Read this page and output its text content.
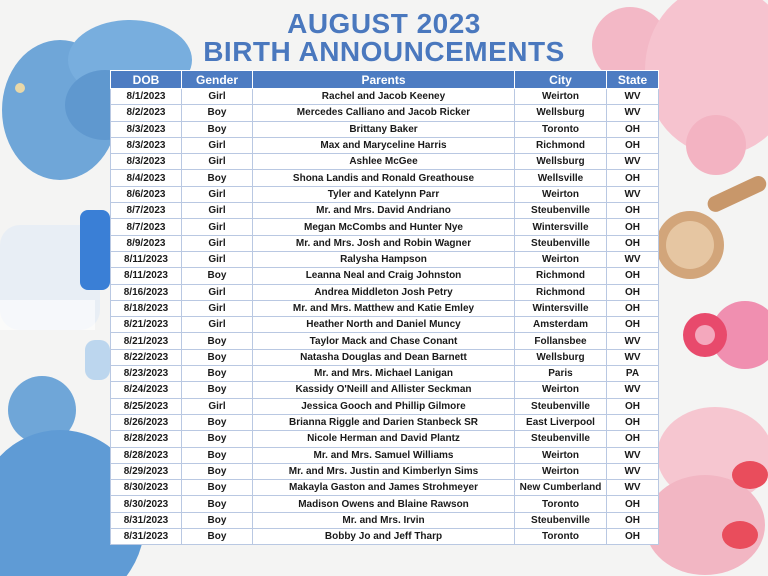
AUGUST 2023
BIRTH ANNOUNCEMENTS
DOB	Gender	Parents	City	State
8/1/2023	Girl	Rachel and Jacob Keeney	Weirton	WV
8/2/2023	Boy	Mercedes Calliano and Jacob Ricker	Wellsburg	WV
8/3/2023	Boy	Brittany Baker	Toronto	OH
8/3/2023	Girl	Max and Maryceline Harris	Richmond	OH
8/3/2023	Girl	Ashlee McGee	Wellsburg	WV
8/4/2023	Boy	Shona Landis and Ronald Greathouse	Wellsville	OH
8/6/2023	Girl	Tyler and Katelynn Parr	Weirton	WV
8/7/2023	Girl	Mr. and Mrs. David Andriano	Steubenville	OH
8/7/2023	Girl	Megan McCombs and Hunter Nye	Wintersville	OH
8/9/2023	Girl	Mr. and Mrs. Josh and Robin Wagner	Steubenville	OH
8/11/2023	Girl	Ralysha Hampson	Weirton	WV
8/11/2023	Boy	Leanna Neal and Craig Johnston	Richmond	OH
8/16/2023	Girl	Andrea Middleton Josh Petry	Richmond	OH
8/18/2023	Girl	Mr. and Mrs. Matthew and Katie Emley	Wintersville	OH
8/21/2023	Girl	Heather North and Daniel Muncy	Amsterdam	OH
8/21/2023	Boy	Taylor Mack and Chase Conant	Follansbee	WV
8/22/2023	Boy	Natasha Douglas and Dean Barnett	Wellsburg	WV
8/23/2023	Boy	Mr. and Mrs. Michael Lanigan	Paris	PA
8/24/2023	Boy	Kassidy O'Neill and Allister Seckman	Weirton	WV
8/25/2023	Girl	Jessica Gooch and Phillip Gilmore	Steubenville	OH
8/26/2023	Boy	Brianna Riggle and Darien Stanbeck SR	East Liverpool	OH
8/28/2023	Boy	Nicole Herman and David Plantz	Steubenville	OH
8/28/2023	Boy	Mr. and Mrs. Samuel Williams	Weirton	WV
8/29/2023	Boy	Mr. and Mrs. Justin and Kimberlyn Sims	Weirton	WV
8/30/2023	Boy	Makayla Gaston and James Strohmeyer	New Cumberland	WV
8/30/2023	Boy	Madison Owens and Blaine Rawson	Toronto	OH
8/31/2023	Boy	Mr. and Mrs. Irvin	Steubenville	OH
8/31/2023	Boy	Bobby Jo and Jeff Tharp	Toronto	OH
